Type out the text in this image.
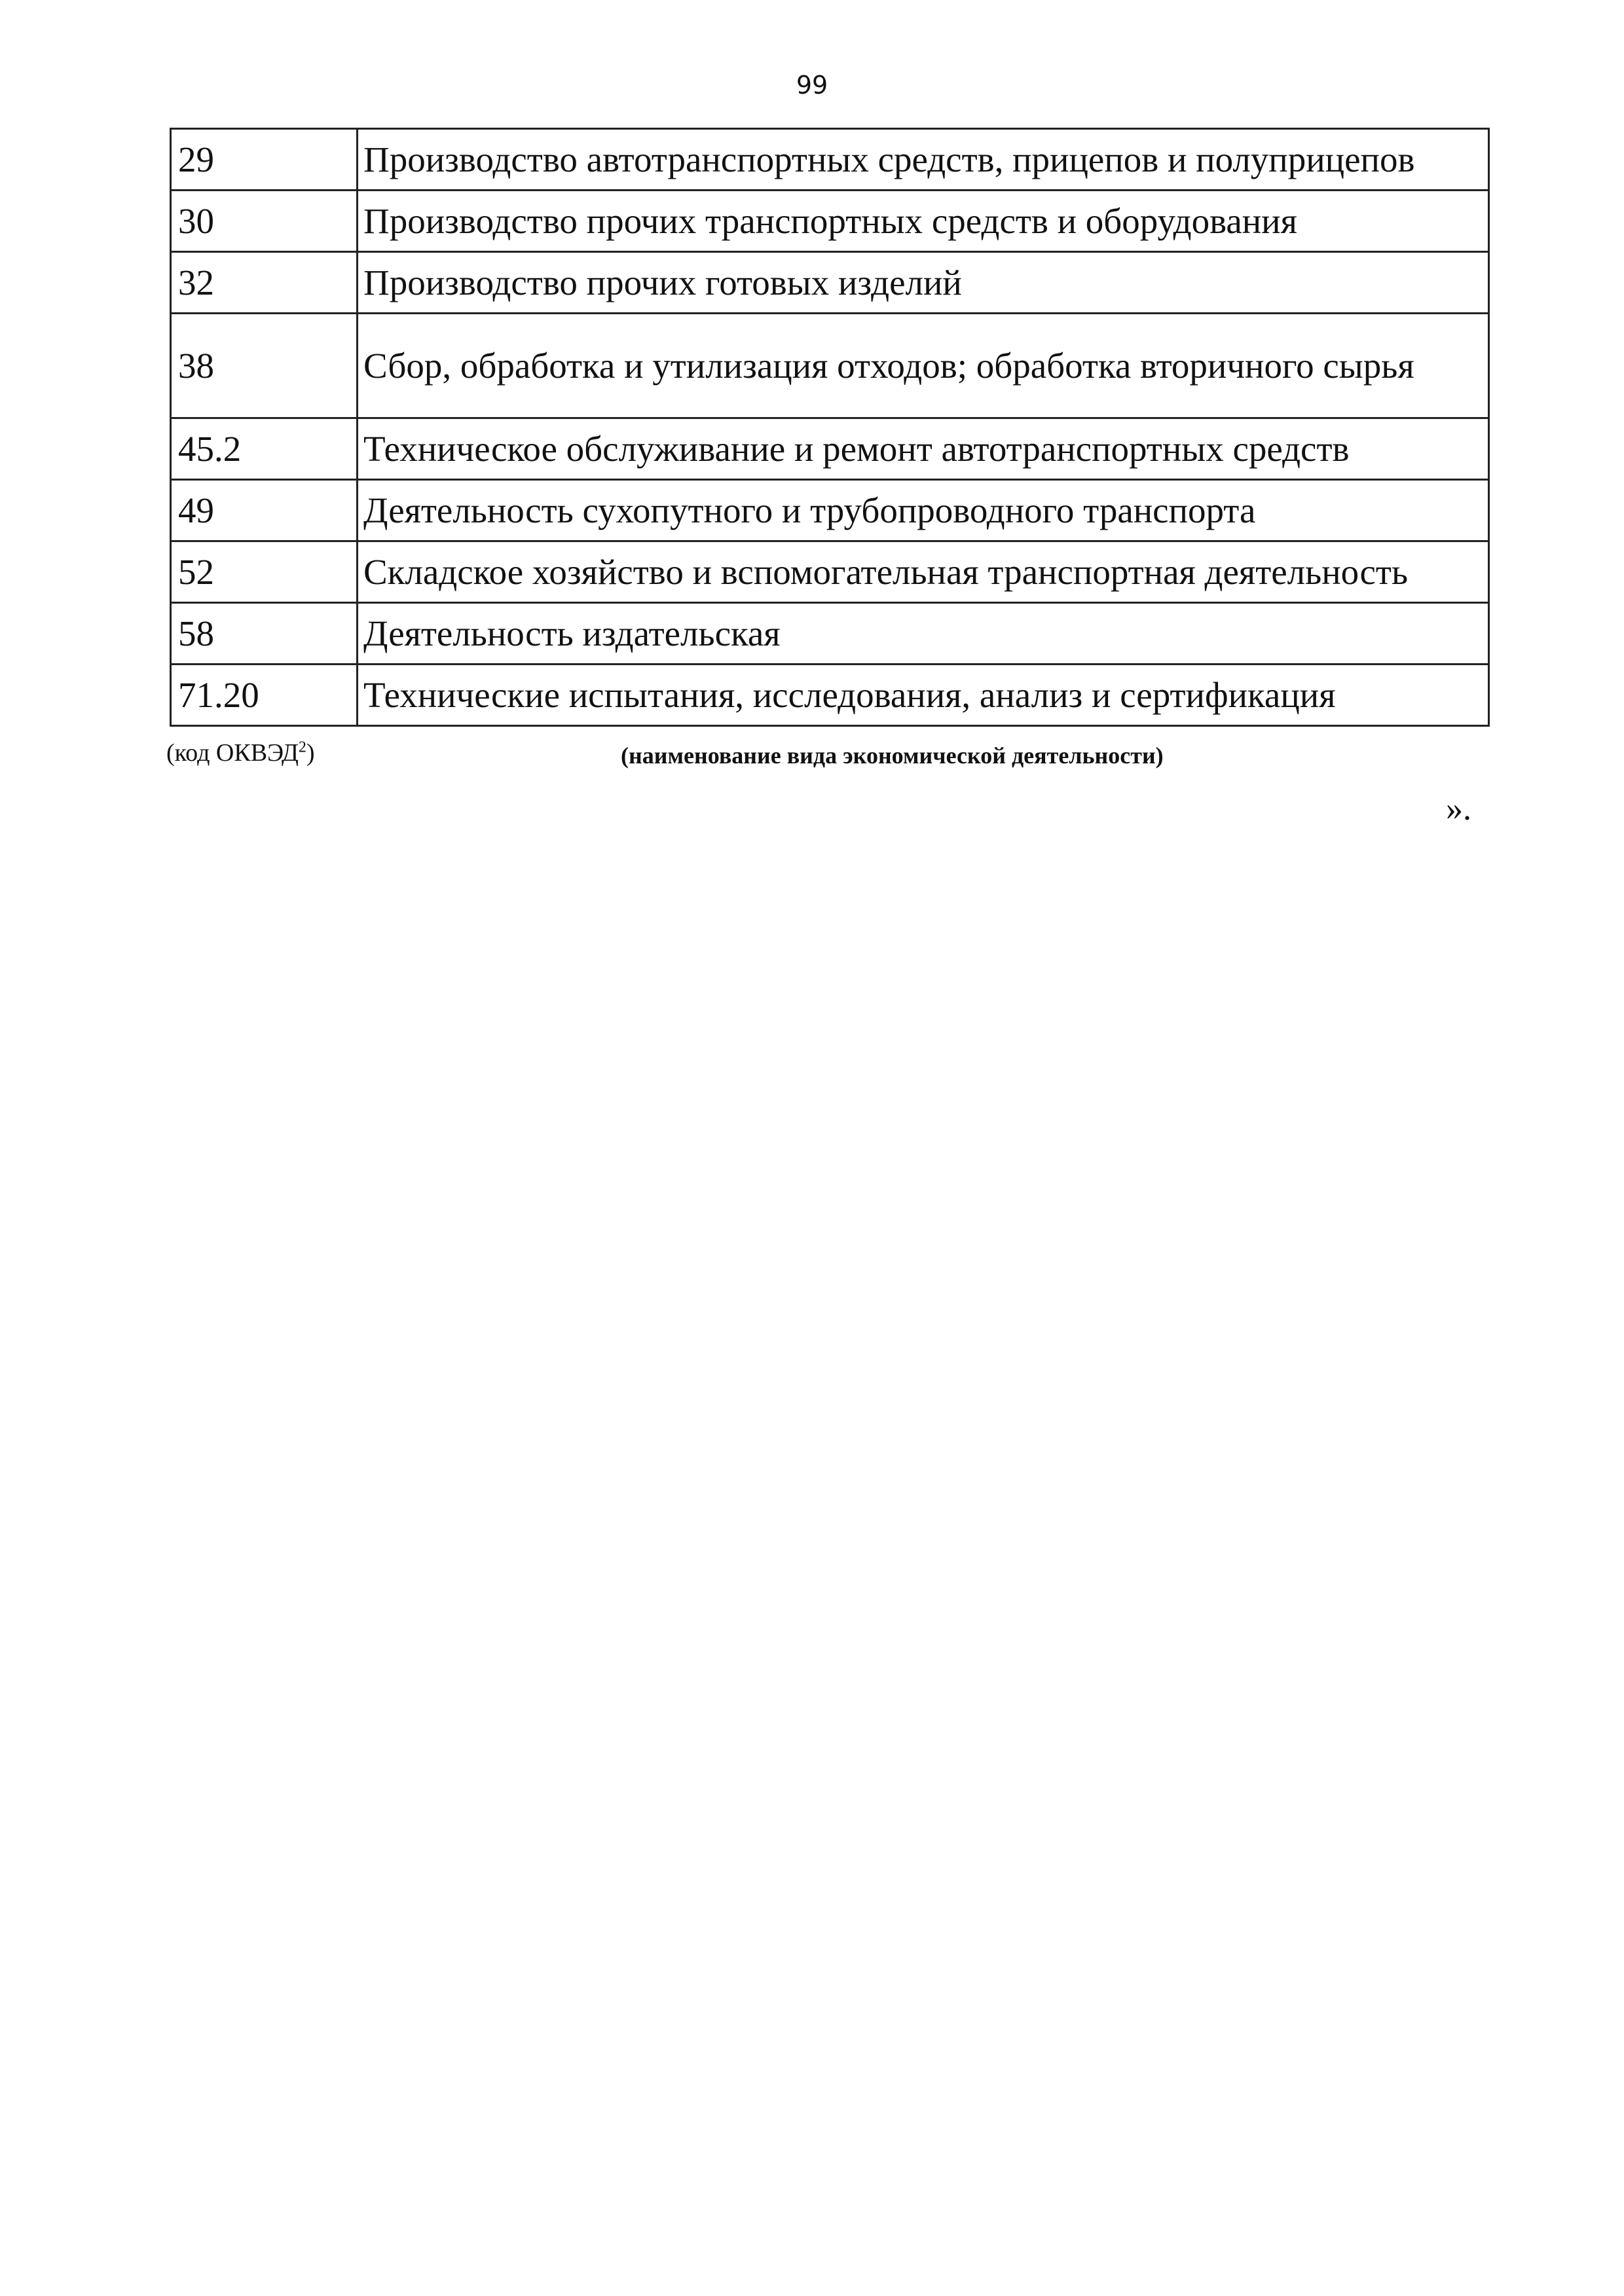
99
29	Производство автотранспортных средств, прицепов и полуприцепов
30	Производство прочих транспортных средств и оборудования
32	Производство прочих готовых изделий
38	Сбор, обработка и утилизация отходов; обработка вторичного сырья
45.2	Техническое обслуживание и ремонт автотранспортных средств
49	Деятельность сухопутного и трубопроводного транспорта
52	Складское хозяйство и вспомогательная транспортная деятельность
58	Деятельность издательская
71.20	Технические испытания, исследования, анализ и сертификация
(код ОКВЭД$^2$)	(наименование вида экономической деятельности)
».
